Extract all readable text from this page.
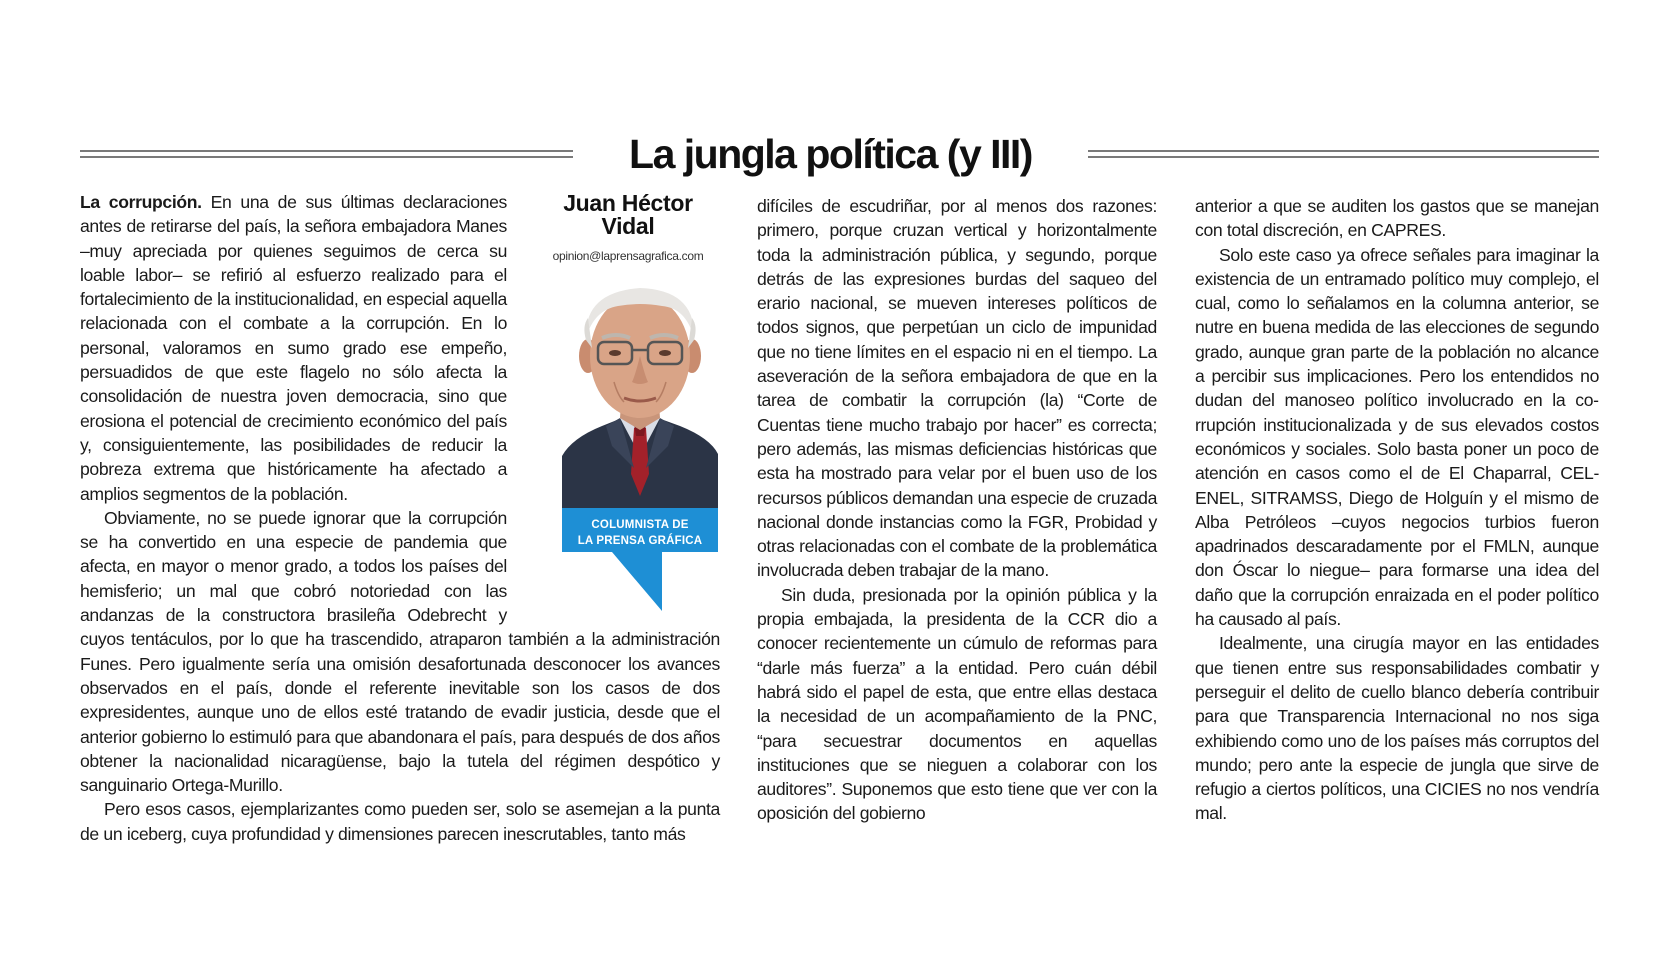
La jungla política (y III)
Juan Héctor
Vidal
opinion@laprensagrafica.com
COLUMNISTA DE
LA PRENSA GRÁFICA

La corrupción. En una de sus últimas declaraciones antes de retirarse del país, la señora embajadora Manes –muy apreciada por quienes seguimos de cerca su loable labor– se refirió al esfuerzo realizado para el fortalecimiento de la institucionalidad, en especial aquella relacionada con el combate a la corrupción. En lo personal, valoramos en sumo grado ese empeño, persuadidos de que este flagelo no sólo afecta la consolidación de nuestra joven democracia, sino que erosiona el potencial de crecimiento económico del país y, consiguientemente, las posibilidades de reducir la pobreza extrema que históricamente ha afectado a amplios segmentos de la población.

Obviamente, no se puede ignorar que la corrupción se ha convertido en una especie de pandemia que afecta, en mayor o menor grado, a todos los países del hemisferio; un mal que cobró notoriedad con las andanzas de la constructora brasileña Odebrecht y cuyos tentáculos, por lo que ha trascendido, atraparon también a la administración Funes. Pero igualmente sería una omisión desafortunada desconocer los avances observados en el país, donde el referente inevitable son los casos de dos expresidentes, aunque uno de ellos esté tratando de evadir justicia, desde que el anterior gobierno lo estimuló para que abandonara el país, para después de dos años obtener la nacionalidad nicaragüense, bajo la tutela del régimen despótico y sanguinario Ortega-Murillo.

Pero esos casos, ejemplarizantes como pueden ser, solo se asemejan a la punta de un iceberg, cuya profundidad y dimensiones parecen inescrutables, tanto más

difíciles de escudriñar, por al menos dos razones: primero, porque cruzan vertical y horizontalmente toda la administración pública, y segundo, porque detrás de las expresiones burdas del saqueo del erario nacional, se mueven intereses políticos de todos signos, que perpetúan un ciclo de impunidad que no tiene límites en el espacio ni en el tiempo. La aseveración de la señora embajadora de que en la tarea de combatir la corrupción (la) “Corte de Cuentas tiene mucho trabajo por hacer” es correcta; pero además, las mismas deficiencias históricas que esta ha mostrado para velar por el buen uso de los recursos públicos demandan una especie de cruzada nacional donde instancias como la FGR, Probidad y otras relacionadas con el combate de la problemática involucrada deben trabajar de la mano.

Sin duda, presionada por la opinión pública y la propia embajada, la presidenta de la CCR dio a conocer recientemente un cúmulo de reformas para “darle más fuerza” a la entidad. Pero cuán débil habrá sido el papel de esta, que entre ellas destaca la necesidad de un acompañamiento de la PNC, “para secuestrar documentos en aquellas instituciones que se nieguen a colaborar con los auditores”. Suponemos que esto tiene que ver con la oposición del gobierno

anterior a que se auditen los gastos que se manejan con total discreción, en CAPRES.

Solo este caso ya ofrece señales para imaginar la existencia de un entramado político muy complejo, el cual, como lo señalamos en la columna anterior, se nutre en buena medida de las elecciones de segundo grado, aunque gran parte de la población no alcance a percibir sus implicaciones. Pero los entendidos no dudan del manoseo político involucrado en la corrupción institucionalizada y de sus elevados costos económicos y sociales. Solo basta poner un poco de atención en casos como el de El Chaparral, CEL-ENEL, SITRAMSS, Diego de Holguín y el mismo de Alba Petróleos –cuyos negocios turbios fueron apadrinados descaradamente por el FMLN, aunque don Óscar lo niegue– para formarse una idea del daño que la corrupción enraizada en el poder político ha causado al país.

Idealmente, una cirugía mayor en las entidades que tienen entre sus responsabilidades combatir y perseguir el delito de cuello blanco debería contribuir para que Transparencia Internacional no nos siga exhibiendo como uno de los países más corruptos del mundo; pero ante la especie de jungla que sirve de refugio a ciertos políticos, una CICIES no nos vendría mal.
